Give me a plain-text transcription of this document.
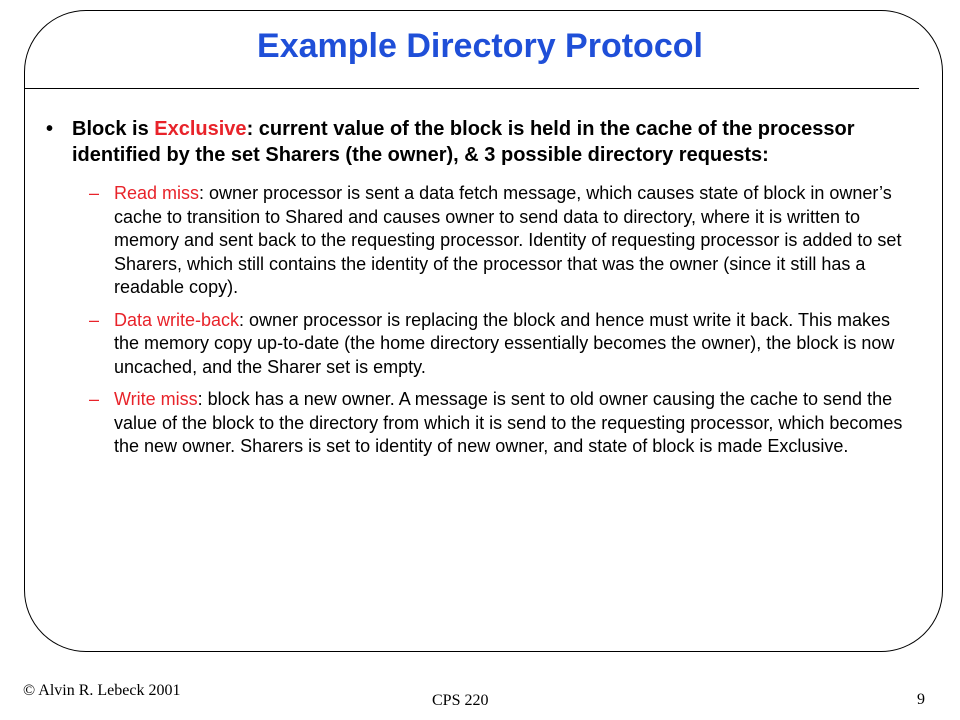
Example Directory Protocol
• Block is Exclusive: current value of the block is held in the cache of the processor identified by the set Sharers (the owner), & 3 possible directory requests:
– Read miss: owner processor is sent a data fetch message, which causes state of block in owner’s cache to transition to Shared and causes owner to send data to directory, where it is written to memory and sent back to the requesting processor. Identity of requesting processor is added to set Sharers, which still contains the identity of the processor that was the owner (since it still has a readable copy).
– Data write-back: owner processor is replacing the block and hence must write it back. This makes the memory copy up-to-date (the home directory essentially becomes the owner), the block is now uncached, and the Sharer set is empty.
– Write miss: block has a new owner. A message is sent to old owner causing the cache to send the value of the block to the directory from which it is send to the requesting processor, which becomes the new owner. Sharers is set to identity of new owner, and state of block is made Exclusive.
© Alvin R. Lebeck 2001
CPS 220	9
